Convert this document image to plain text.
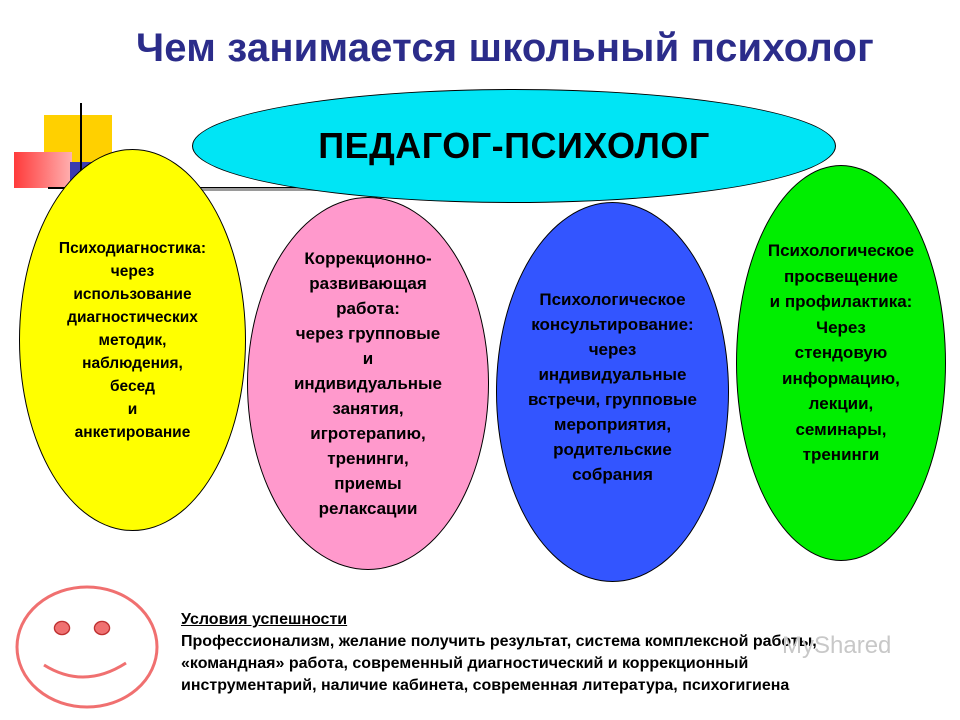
Чем занимается школьный психолог
ПЕДАГОГ-ПСИХОЛОГ
Психодиагностика:
через
использование
диагностических
методик,
наблюдения,
бесед
и
анкетирование
Коррекционно-
развивающая
работа:
через групповые
и
индивидуальные
занятия,
игротерапию,
тренинги,
приемы
релаксации
Психологическое
консультирование:
через
индивидуальные
встречи, групповые
мероприятия,
родительские
собрания
Психологическое
просвещение
и профилактика:
Через
стендовую
информацию,
лекции,
семинары,
тренинги
Условия успешности
Профессионализм, желание получить результат, система комплексной работы,
«командная» работа, современный диагностический и коррекционный
инструментарий, наличие кабинета, современная литература, психогигиена
MyShared
